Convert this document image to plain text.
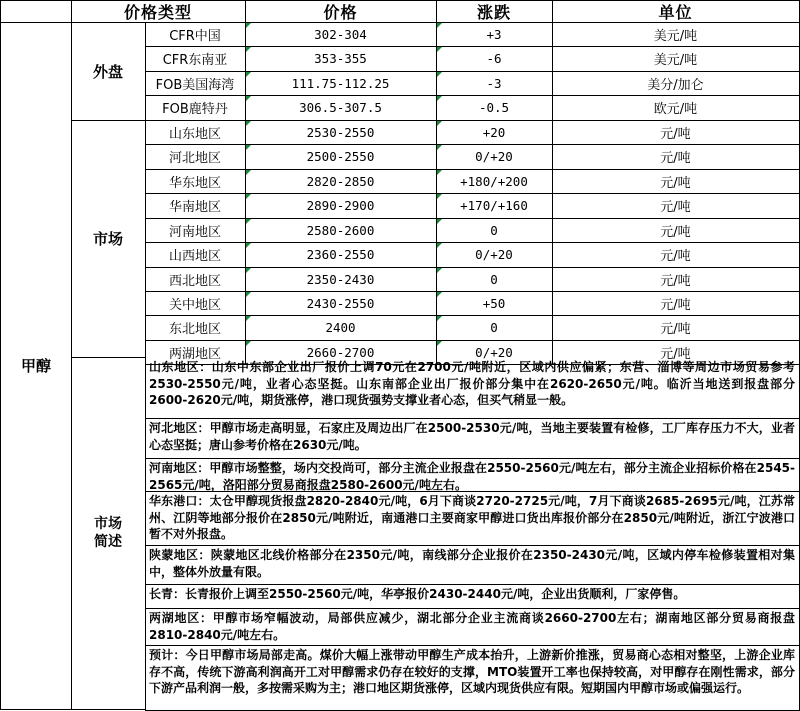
价格类型	价格	涨跌	单位
甲醇
外盘
市场
市场
简述
CFR中国	302-304	+3	美元/吨
CFR东南亚	353-355	-6	美元/吨
FOB美国海湾	111.75-112.25	-3	美分/加仑
FOB鹿特丹	306.5-307.5	-0.5	欧元/吨
山东地区	2530-2550	+20	元/吨
河北地区	2500-2550	0/+20	元/吨
华东地区	2820-2850	+180/+200	元/吨
华南地区	2890-2900	+170/+160	元/吨
河南地区	2580-2600	0	元/吨
山西地区	2360-2550	0/+20	元/吨
西北地区	2350-2430	0	元/吨
关中地区	2430-2550	+50	元/吨
东北地区	2400	0	元/吨
两湖地区	2660-2700	0/+20	元/吨
山东地区：山东中东部企业出厂报价上调70元在2700元/吨附近，区域内供应偏紧；东营、淄博等周边市场贸易参考2530-2550元/吨，业者心态坚挺。山东南部企业出厂报价部分集中在2620-2650元/吨。临沂当地送到报盘部分2600-2620元/吨，期货涨停，港口现货强势支撑业者心态，但买气稍显一般。
河北地区：甲醇市场走高明显，石家庄及周边出厂在2500-2530元/吨，当地主要装置有检修，工厂库存压力不大，业者心态坚挺；唐山参考价格在2630元/吨。
河南地区：甲醇市场整整，场内交投尚可，部分主流企业报盘在2550-2560元/吨左右，部分主流企业招标价格在2545-2565元/吨，洛阳部分贸易商报盘2580-2600元/吨左右。
华东港口：太仓甲醇现货报盘2820-2840元/吨，6月下商谈2720-2725元/吨，7月下商谈2685-2695元/吨，江苏常州、江阴等地部分报价在2850元/吨附近，南通港口主要商家甲醇进口货出库报价部分在2850元/吨附近，浙江宁波港口暂不对外报盘。
陕蒙地区：陕蒙地区北线价格部分在2350元/吨，南线部分企业报价在2350-2430元/吨，区域内停车检修装置相对集中，整体外放量有限。
长青：长青报价上调至2550-2560元/吨，华亭报价2430-2440元/吨，企业出货顺利，厂家停售。
两湖地区：甲醇市场窄幅波动，局部供应减少，湖北部分企业主流商谈2660-2700左右；湖南地区部分贸易商报盘2810-2840元/吨左右。
预计：今日甲醇市场局部走高。煤价大幅上涨带动甲醇生产成本抬升，上游新价推涨，贸易商心态相对整坚，上游企业库存不高，传统下游高利润高开工对甲醇需求仍存在较好的支撑，MTO装置开工率也保持较高，对甲醇存在刚性需求，部分下游产品利润一般，多按需采购为主；港口地区期货涨停，区域内现货供应有限。短期国内甲醇市场或偏强运行。
